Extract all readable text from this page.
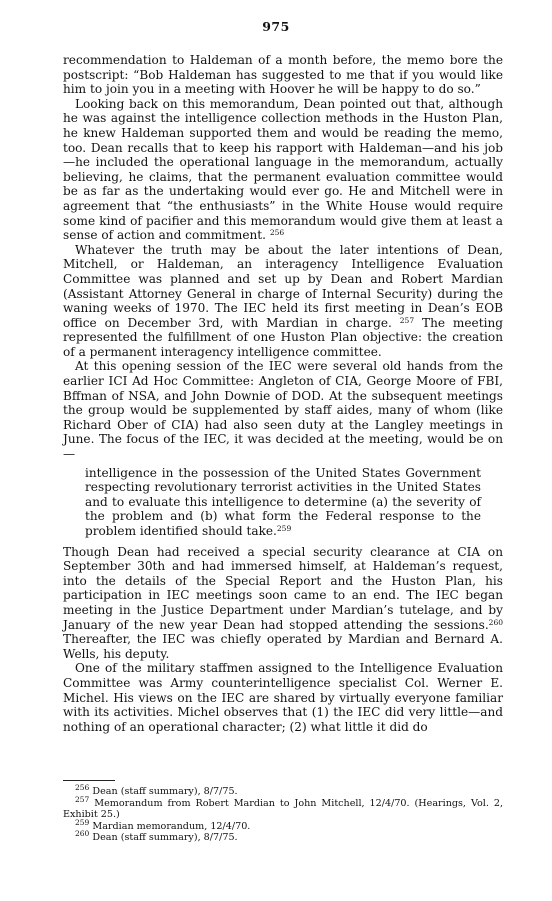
975

recommendation to Haldeman of a month before, the memo bore the postscript: “Bob Haldeman has suggested to me that if you would like him to join you in a meeting with Hoover he will be happy to do so.”

Looking back on this memorandum, Dean pointed out that, although he was against the intelligence collection methods in the Huston Plan, he knew Haldeman supported them and would be reading the memo, too. Dean recalls that to keep his rapport with Haldeman—and his job—he included the operational language in the memorandum, actually believing, he claims, that the permanent evaluation committee would be as far as the undertaking would ever go. He and Mitchell were in agreement that “the enthusiasts” in the White House would require some kind of pacifier and this memorandum would give them at least a sense of action and commitment. $^{256}$

Whatever the truth may be about the later intentions of Dean, Mitchell, or Haldeman, an interagency Intelligence Evaluation Committee was planned and set up by Dean and Robert Mardian (Assistant Attorney General in charge of Internal Security) during the waning weeks of 1970. The IEC held its first meeting in Dean’s EOB office on December 3rd, with Mardian in charge. $^{257}$ The meeting represented the fulfillment of one Huston Plan objective: the creation of a permanent interagency intelligence committee.

At this opening session of the IEC were several old hands from the earlier ICI Ad Hoc Committee: Angleton of CIA, George Moore of FBI, Bffman of NSA, and John Downie of DOD. At the subsequent meetings the group would be supplemented by staff aides, many of whom (like Richard Ober of CIA) had also seen duty at the Langley meetings in June. The focus of the IEC, it was decided at the meeting, would be on—

intelligence in the possession of the United States Government respecting revolutionary terrorist activities in the United States and to evaluate this intelligence to determine (a) the severity of the problem and (b) what form the Federal response to the problem identified should take.$^{259}$

Though Dean had received a special security clearance at CIA on September 30th and had immersed himself, at Haldeman’s request, into the details of the Special Report and the Huston Plan, his participation in IEC meetings soon came to an end. The IEC began meeting in the Justice Department under Mardian’s tutelage, and by January of the new year Dean had stopped attending the sessions.$^{260}$ Thereafter, the IEC was chiefly operated by Mardian and Bernard A. Wells, his deputy.

One of the military staffmen assigned to the Intelligence Evaluation Committee was Army counterintelligence specialist Col. Werner E. Michel. His views on the IEC are shared by virtually everyone familiar with its activities. Michel observes that (1) the IEC did very little—and nothing of an operational character; (2) what little it did do

$^{256}$ Dean (staff summary), 8/7/75.

$^{257}$ Memorandum from Robert Mardian to John Mitchell, 12/4/70. (Hearings, Vol. 2, Exhibit 25.)

$^{259}$ Mardian memorandum, 12/4/70.

$^{260}$ Dean (staff summary), 8/7/75.
